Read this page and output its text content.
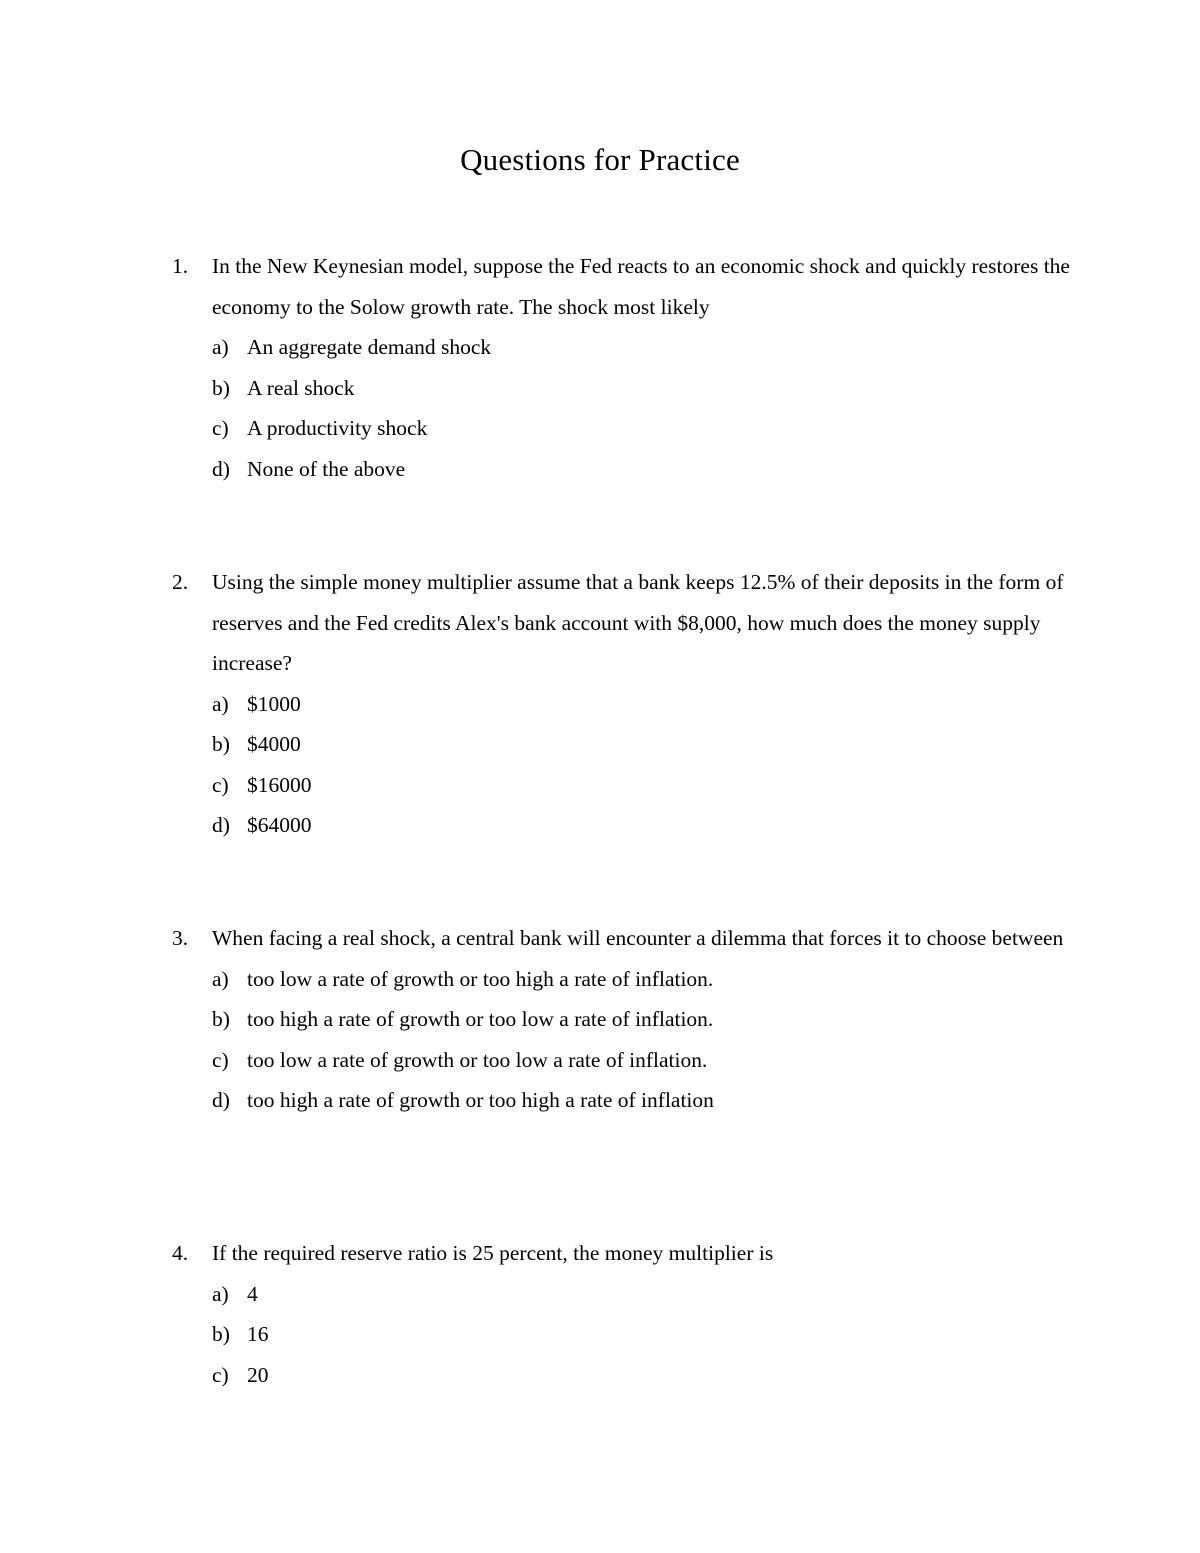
Questions for Practice
1.	In the New Keynesian model, suppose the Fed reacts to an economic shock and quickly restores the economy to the Solow growth rate. The shock most likely
a) An aggregate demand shock
b) A real shock
c) A productivity shock
d) None of the above
2.	Using the simple money multiplier assume that a bank keeps 12.5% of their deposits in the form of reserves and the Fed credits Alex's bank account with $8,000, how much does the money supply increase?
a) $1000
b) $4000
c) $16000
d) $64000
3.	When facing a real shock, a central bank will encounter a dilemma that forces it to choose between
a) too low a rate of growth or too high a rate of inflation.
b) too high a rate of growth or too low a rate of inflation.
c) too low a rate of growth or too low a rate of inflation.
d) too high a rate of growth or too high a rate of inflation
4.	If the required reserve ratio is 25 percent, the money multiplier is
a) 4
b) 16
c) 20
